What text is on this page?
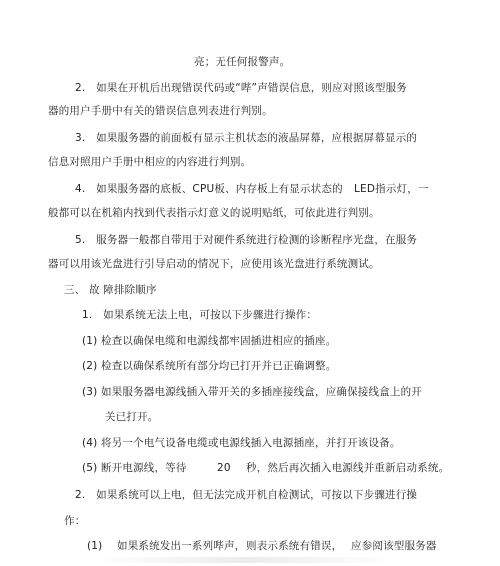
亮；无任何报警声。
2.　如果在开机后出现错误代码或“哔”声错误信息，则应对照该型服务
器的用户手册中有关的错误信息列表进行判别。
3.　如果服务器的前面板有显示主机状态的液晶屏幕，应根据屏幕显示的
信息对照用户手册中相应的内容进行判别。
4.　如果服务器的底板、CPU板、内存板上有显示状态的 LED指示灯，一
般都可以在机箱内找到代表指示灯意义的说明贴纸，可依此进行判别。
5.　服务器一般都自带用于对硬件系统进行检测的诊断程序光盘，在服务
器可以用该光盘进行引导启动的情况下，应使用该光盘进行系统测试。
三、 故 障排除顺序
1.　如果系统无法上电，可按以下步骤进行操作：
(1) 检查以确保电缆和电源线都牢固插进相应的插座。
(2) 检查以确保系统所有部分均已打开并已正确调整。
(3) 如果服务器电源线插入带开关的多插座接线盒，应确保接线盒上的开
关已打开。
(4) 将另一个电气设备电缆或电源线插入电源插座，并打开该设备。
(5) 断开电源线，等待	20 秒，然后再次插入电源线并重新启动系统。
2.　如果系统可以上电，但无法完成开机自检测试，可按以下步骤进行操
作：
(1) 如果系统发出一系列哔声， 则表示系统有错误， 应参阅该型服务器
